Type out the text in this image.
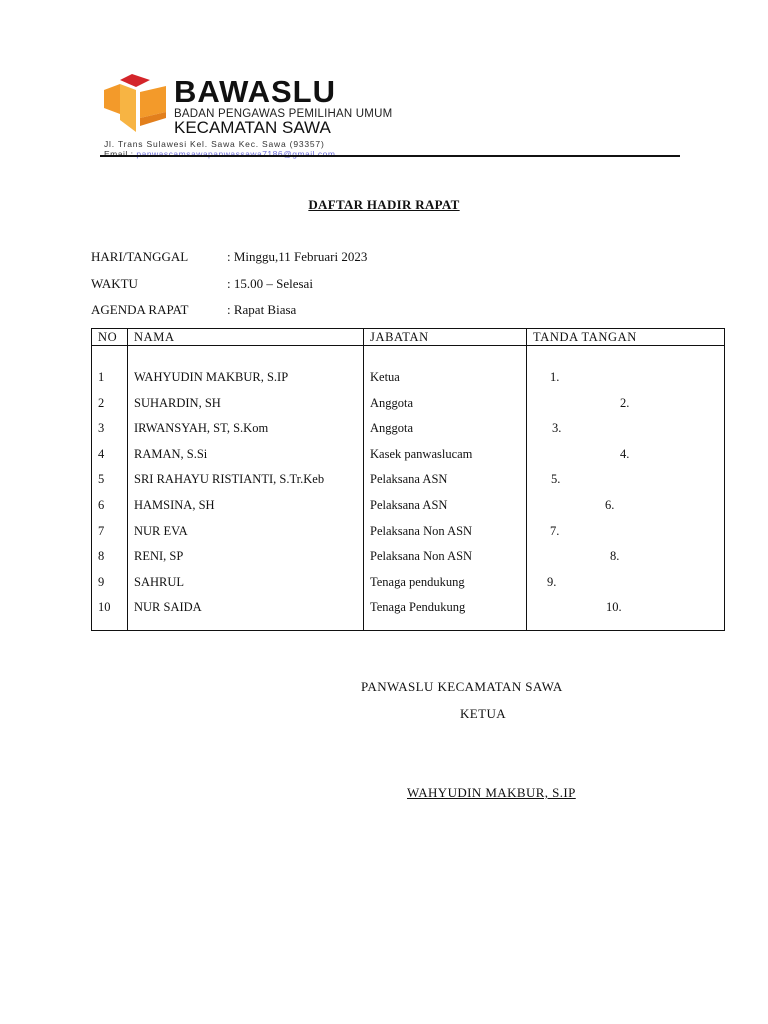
BAWASLU
BADAN PENGAWAS PEMILIHAN UMUM
KECAMATAN SAWA
Jl. Trans Sulawesi Kel. Sawa Kec. Sawa (93357)
Email : panwascamsawapanwassawa7186@gmail.com
DAFTAR HADIR RAPAT
HARI/TANGGAL	: Minggu,11 Februari 2023
WAKTU	: 15.00 – Selesai
AGENDA RAPAT	: Rapat Biasa
NO NAMA	JABATAN	TANDA TANGAN
1 WAHYUDIN MAKBUR, S.IP	Ketua	1.
2 SUHARDIN, SH	Anggota	2.
3 IRWANSYAH, ST, S.Kom	Anggota	3.
4 RAMAN, S.Si	Kasek panwaslucam	4.
5 SRI RAHAYU RISTIANTI, S.Tr.Keb	Pelaksana ASN	5.
6 HAMSINA, SH	Pelaksana ASN	6.
7 NUR EVA	Pelaksana Non ASN	7.
8 RENI, SP	Pelaksana Non ASN	8.
9 SAHRUL	Tenaga pendukung	9.
10 NUR SAIDA	Tenaga Pendukung	10.
PANWASLU KECAMATAN SAWA
KETUA
WAHYUDIN MAKBUR, S.IP
